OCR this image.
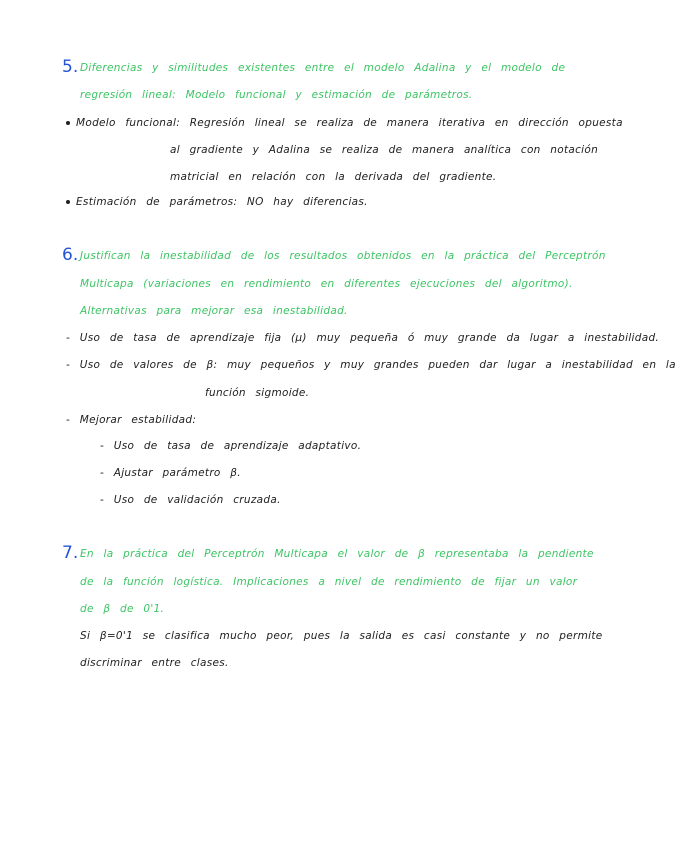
5. Diferencias y similitudes existentes entre el modelo Adalina y el modelo de
regresión lineal: Modelo funcional y estimación de parámetros.
Modelo funcional: Regresión lineal se realiza de manera iterativa en dirección opuesta
al gradiente y Adalina se realiza de manera analítica con notación
matricial en relación con la derivada del gradiente.
Estimación de parámetros: NO hay diferencias.
6. Justifican la inestabilidad de los resultados obtenidos en la práctica del Perceptrón
Multicapa (variaciones en rendimiento en diferentes ejecuciones del algoritmo).
Alternativas para mejorar esa inestabilidad.
- Uso de tasa de aprendizaje fija (μ) muy pequeña ó muy grande da lugar a inestabilidad.
- Uso de valores de β: muy pequeños y muy grandes pueden dar lugar a inestabilidad en la
función sigmoide.
- Mejorar estabilidad:
- Uso de tasa de aprendizaje adaptativo.
- Ajustar parámetro β.
- Uso de validación cruzada.
7. En la práctica del Perceptrón Multicapa el valor de β representaba la pendiente
de la función logística. Implicaciones a nivel de rendimiento de fijar un valor
de β de 0'1.
Si β=0'1 se clasifica mucho peor, pues la salida es casi constante y no permite
discriminar entre clases.
